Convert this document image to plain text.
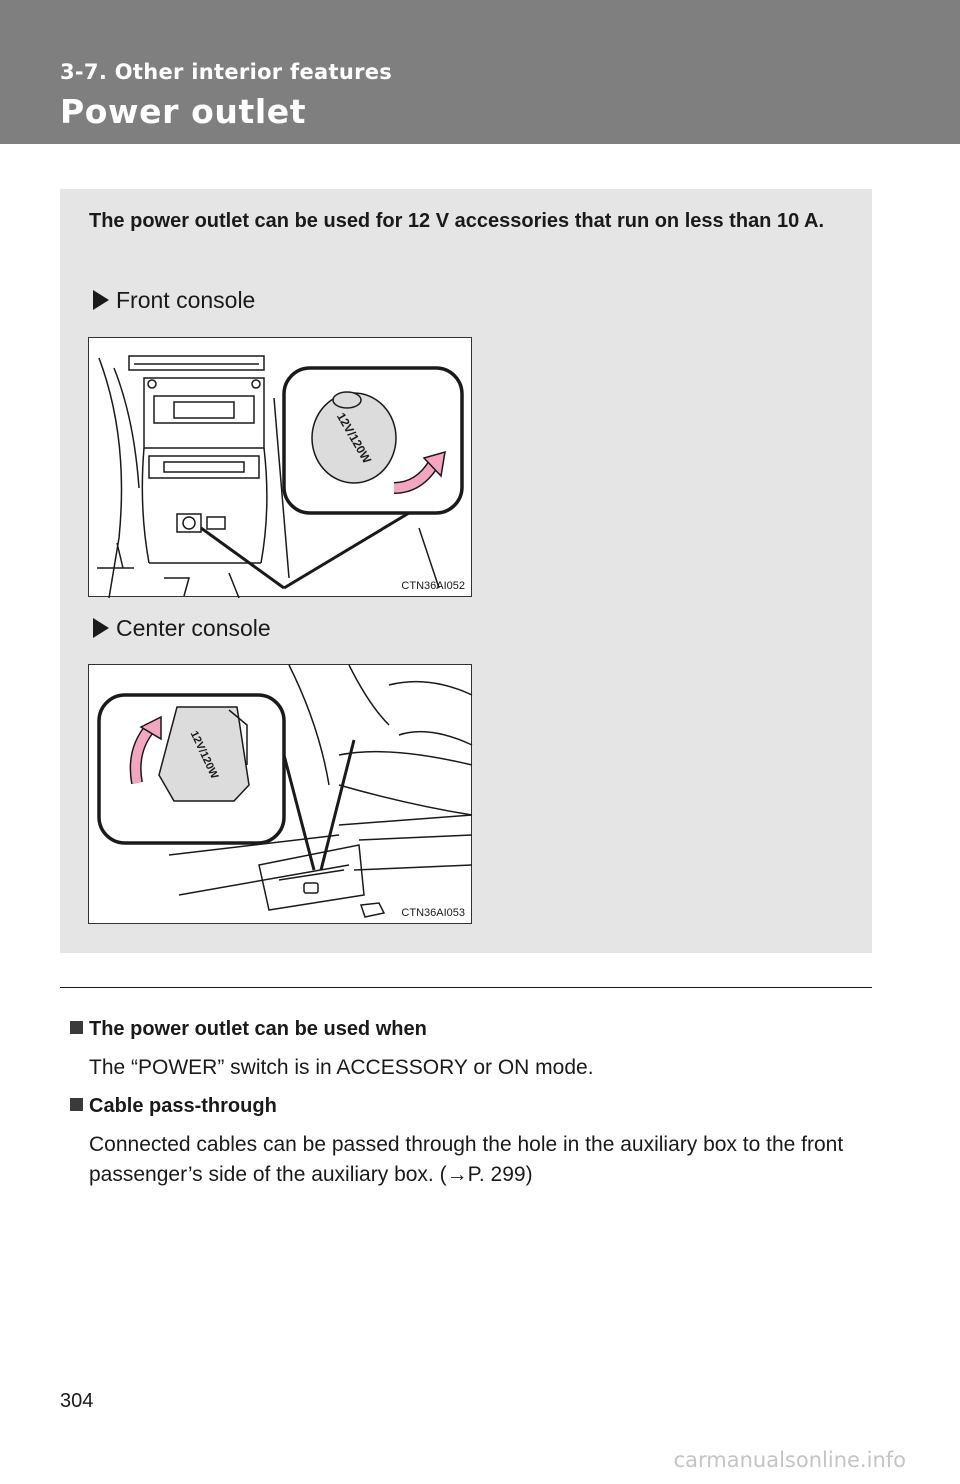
3-7. Other interior features
Power outlet
The power outlet can be used for 12 V accessories that run on less than 10 A.
Front console
12V/120W
CTN36AI052
Center console
12V/120W
CTN36AI053
The power outlet can be used when
The “POWER” switch is in ACCESSORY or ON mode.
Cable pass-through
Connected cables can be passed through the hole in the auxiliary box to the front passenger’s side of the auxiliary box. (→P. 299)
304
carmanualsonline.info
